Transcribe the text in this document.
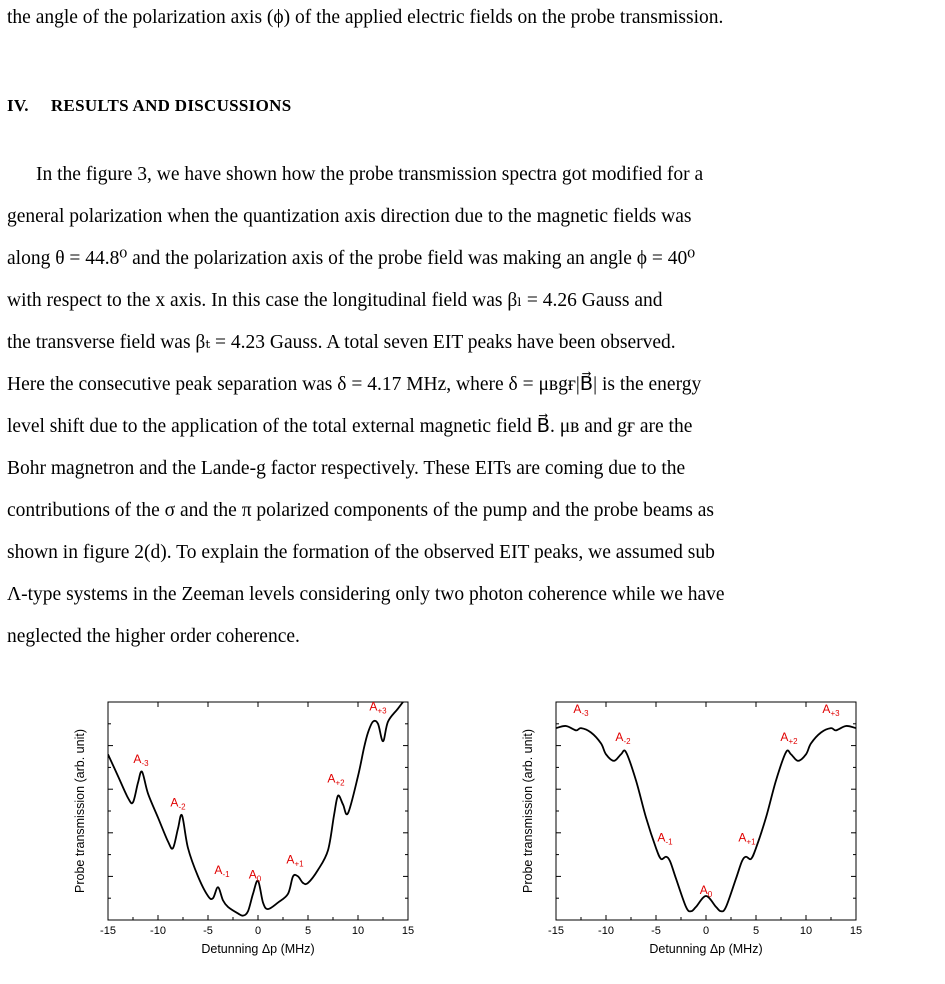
the angle of the polarization axis (ϕ) of the applied electric fields on the probe transmission.
IV. RESULTS AND DISCUSSIONS
In the figure 3, we have shown how the probe transmission spectra got modified for a
general polarization when the quantization axis direction due to the magnetic fields was
along θ = 44.8⁰ and the polarization axis of the probe field was making an angle ϕ = 40⁰
with respect to the x axis. In this case the longitudinal field was βₗ = 4.26 Gauss and
the transverse field was βₜ = 4.23 Gauss. A total seven EIT peaks have been observed.
Here the consecutive peak separation was δ = 4.17 MHz, where δ = μʙgғ|B⃗| is the energy
level shift due to the application of the total external magnetic field B⃗. μʙ and gғ are the
Bohr magnetron and the Lande-g factor respectively. These EITs are coming due to the
contributions of the σ and the π polarized components of the pump and the probe beams as
shown in figure 2(d). To explain the formation of the observed EIT peaks, we assumed sub
Λ-type systems in the Zeeman levels considering only two photon coherence while we have
neglected the higher order coherence.
-15	-10	-5	0	5	10	15
Detunning Δp (MHz)
Probe transmission (arb. unit)	$A_{-3}$
$A_{-2}$
$A_{-1}$ $A_0$
$A_{+1}$
$A_{+2}$
$A_{+3}$
-15	-10	-5	0	5	10	15
Detunning Δp (MHz)
Probe transmission (arb. unit)
$A_{-3}$
$A_{-2}$
$A_{-1}$
$A_0$
$A_{+1}$
$A_{+2}$
$A_{+3}$
